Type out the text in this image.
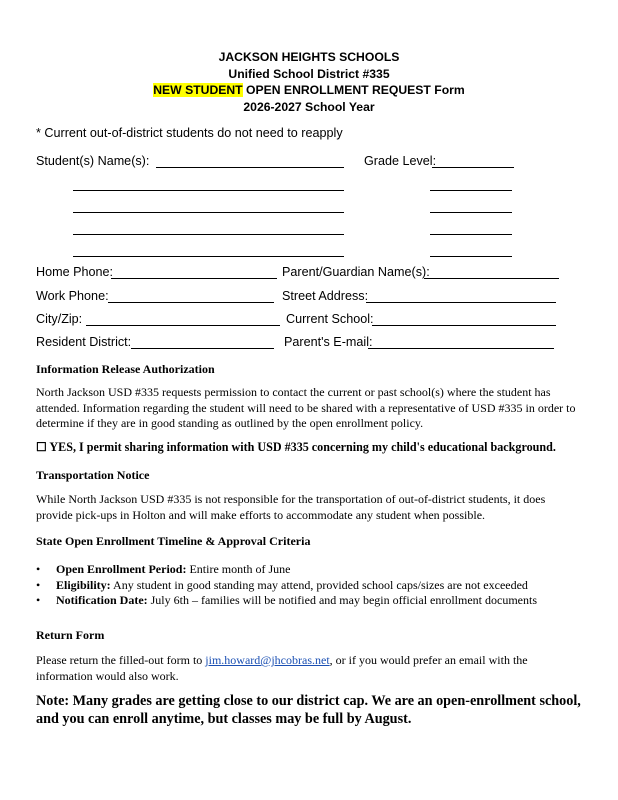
JACKSON HEIGHTS SCHOOLS
Unified School District #335
NEW STUDENT OPEN ENROLLMENT REQUEST Form
2026-2027 School Year
* Current out-of-district students do not need to reapply
Student(s) Name(s):	Grade Level:
Home Phone:	Parent/Guardian Name(s):
Work Phone:	Street Address:
City/Zip:	Current School:
Resident District:	Parent's E-mail:
Information Release Authorization
North Jackson USD #335 requests permission to contact the current or past school(s) where the student has attended. Information regarding the student will need to be shared with a representative of USD #335 in order to determine if they are in good standing as outlined by the open enrollment policy.
☐ YES, I permit sharing information with USD #335 concerning my child's educational background.
Transportation Notice
While North Jackson USD #335 is not responsible for the transportation of out-of-district students, it does provide pick-ups in Holton and will make efforts to accommodate any student when possible.
State Open Enrollment Timeline & Approval Criteria
• Open Enrollment Period: Entire month of June
• Eligibility: Any student in good standing may attend, provided school caps/sizes are not exceeded
• Notification Date: July 6th – families will be notified and may begin official enrollment documents
Return Form
Please return the filled-out form to jim.howard@jhcobras.net, or if you would prefer an email with the information would also work.
Note: Many grades are getting close to our district cap. We are an open-enrollment school, and you can enroll anytime, but classes may be full by August.
